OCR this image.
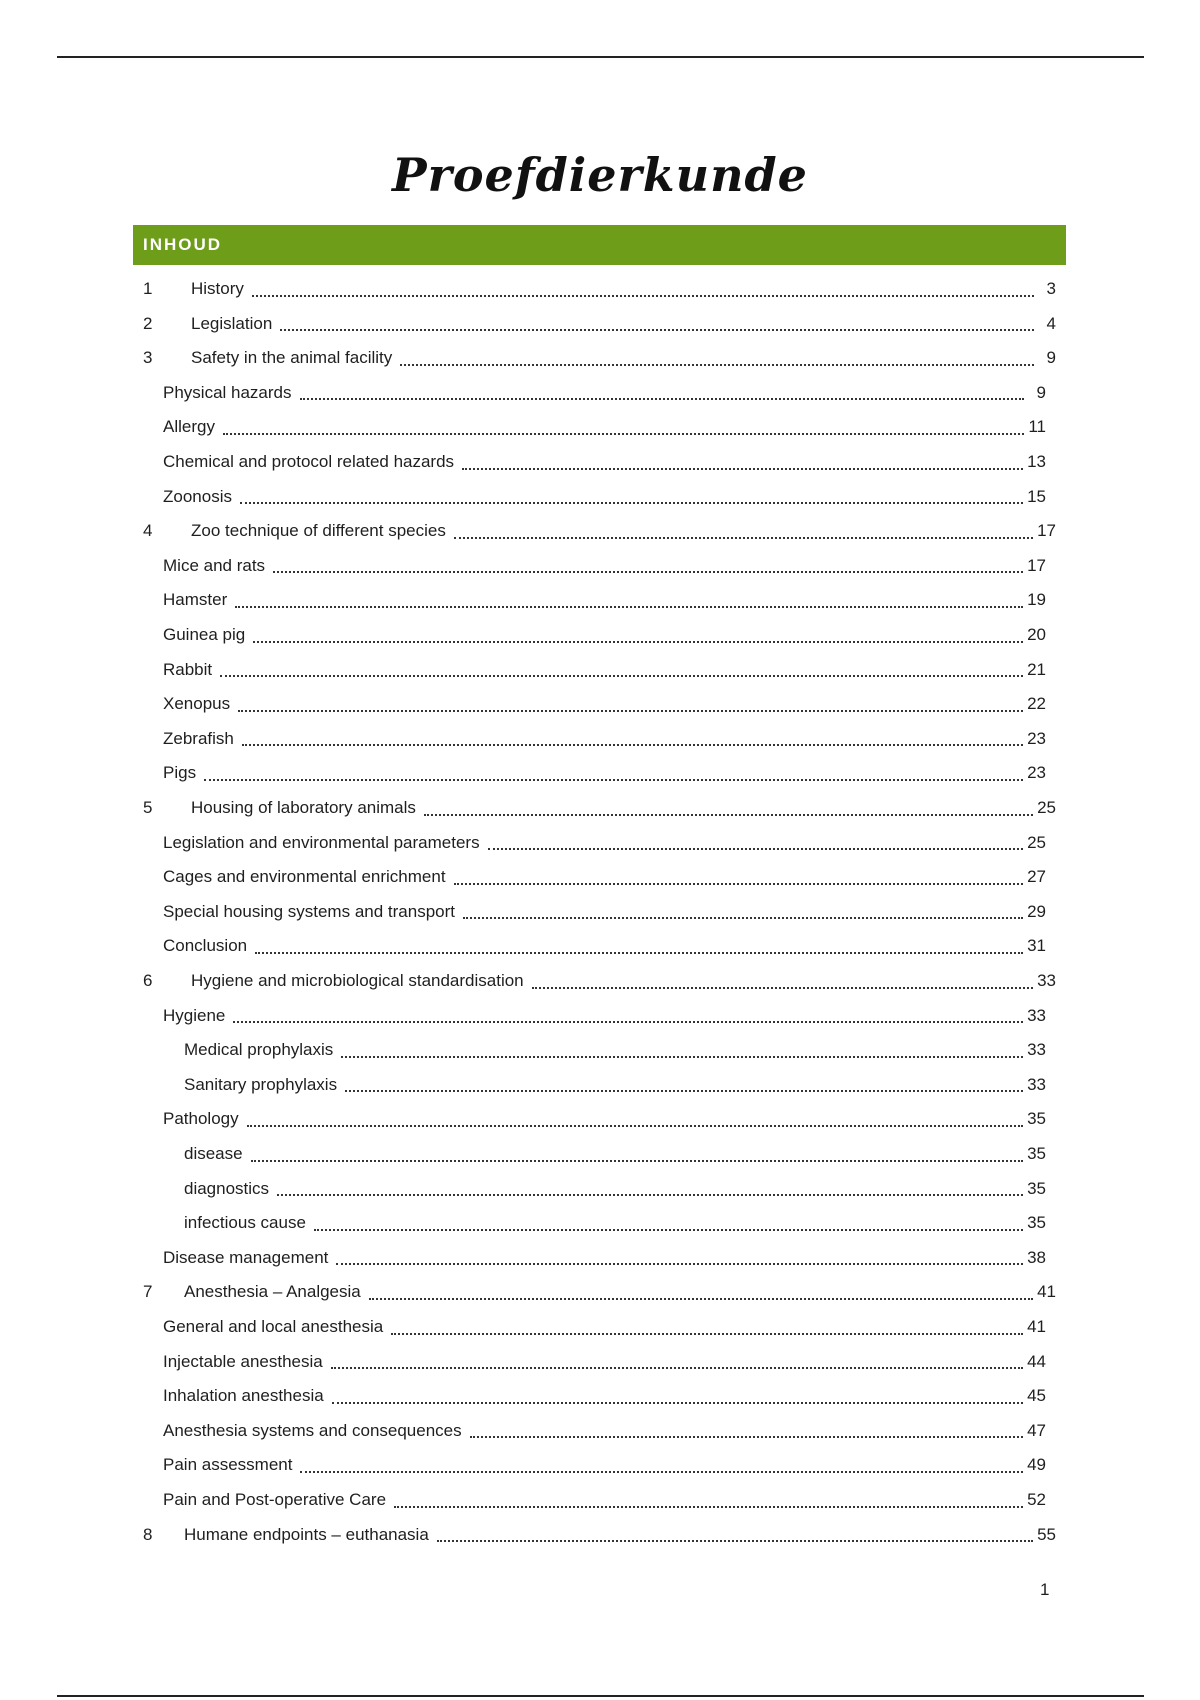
Proefdierkunde
INHOUD
1	History	3
2	Legislation	4
3	Safety in the animal facility	9
Physical hazards	9
Allergy	11
Chemical and protocol related hazards	13
Zoonosis	15
4	Zoo technique of different species	17
Mice and rats	17
Hamster	19
Guinea pig	20
Rabbit	21
Xenopus	22
Zebrafish	23
Pigs	23
5	Housing of laboratory animals	25
Legislation and environmental parameters	25
Cages and environmental enrichment	27
Special housing systems and transport	29
Conclusion	31
6	Hygiene and microbiological standardisation	33
Hygiene	33
Medical prophylaxis	33
Sanitary prophylaxis	33
Pathology	35
disease	35
diagnostics	35
infectious cause	35
Disease management	38
7	Anesthesia – Analgesia	41
General and local anesthesia	41
Injectable anesthesia	44
Inhalation anesthesia	45
Anesthesia systems and consequences	47
Pain assessment	49
Pain and Post-operative Care	52
8	Humane endpoints – euthanasia	55
1
